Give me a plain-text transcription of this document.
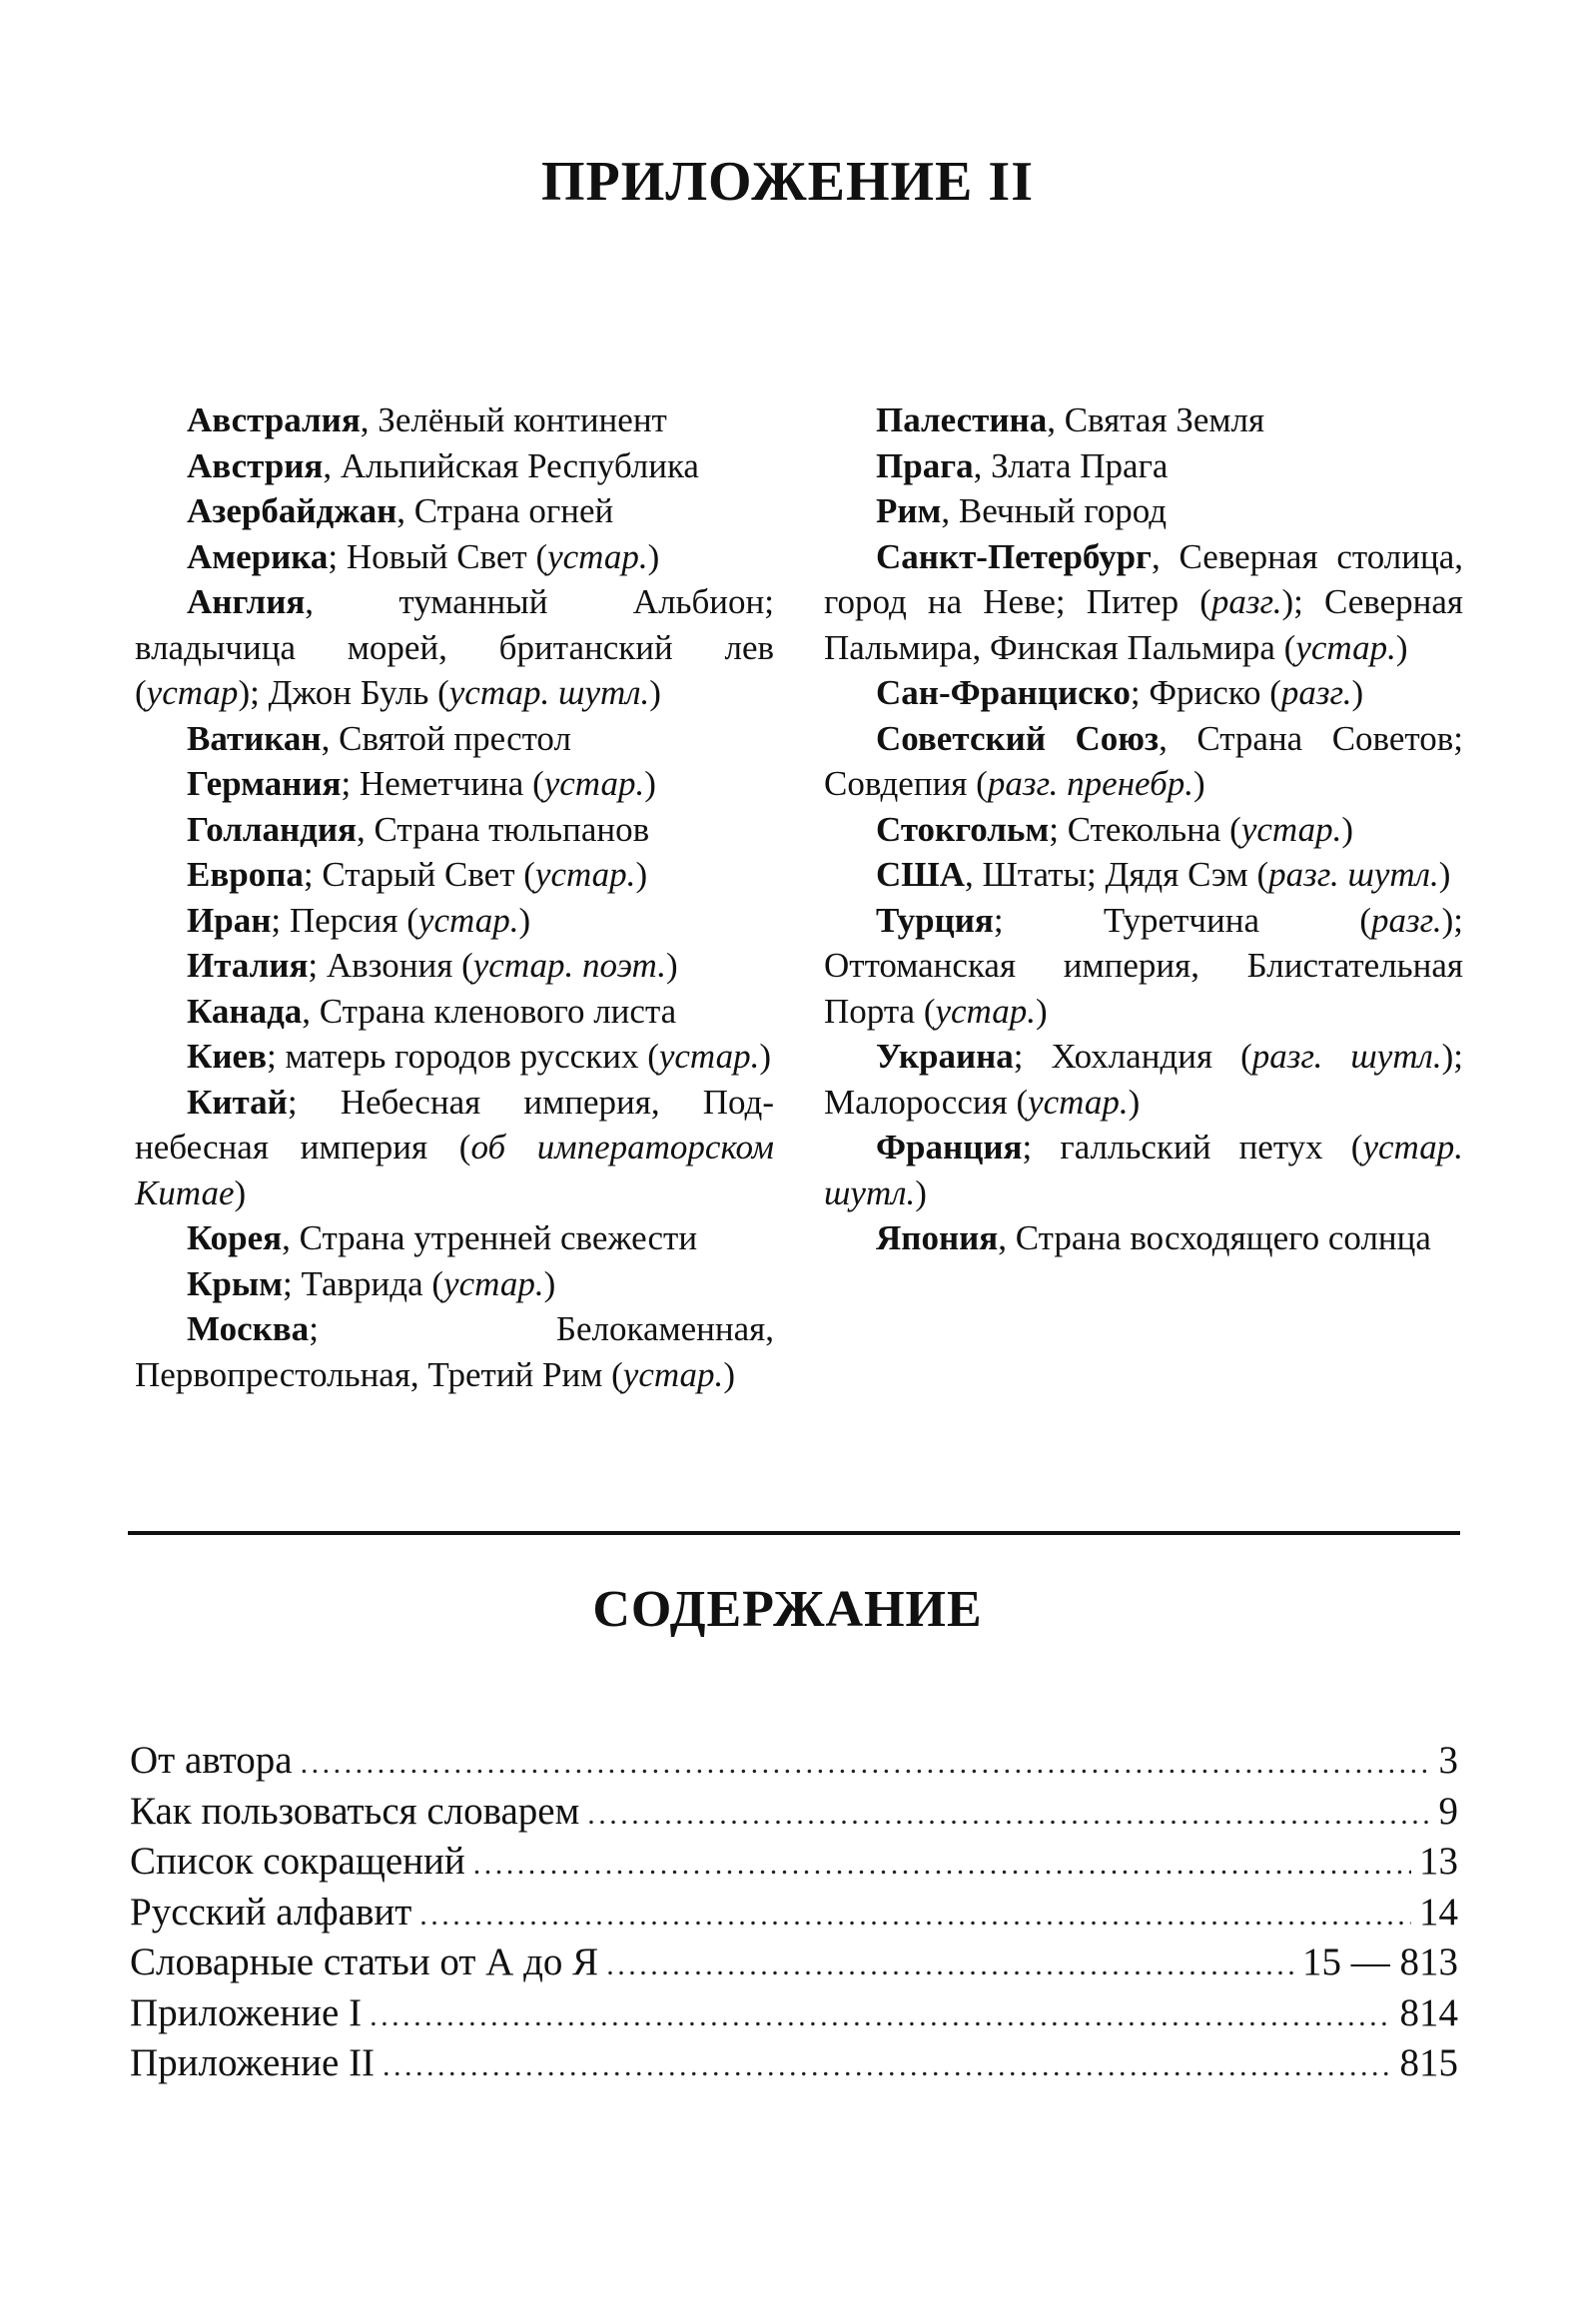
ПРИЛОЖЕНИЕ II

Австралия, Зелёный континент

Австрия, Альпийская Республика

Азербайджан, Страна огней

Америка; Новый Свет (устар.)

Англия, туманный Альбион; владычица морей, британский лев (устар); Джон Буль (устар. шутл.)

Ватикан, Святой престол

Германия; Неметчина (устар.)

Голландия, Страна тюльпанов

Европа; Старый Свет (устар.)

Иран; Персия (устар.)

Италия; Авзония (устар. поэт.)

Канада, Страна кленового листа

Киев; матерь городов русских (устар.)

Китай; Небесная империя, Поднебесная империя (об императорском Китае)

Корея, Страна утренней свежести

Крым; Таврида (устар.)

Москва; Белокаменная, Первопрестольная, Третий Рим (устар.)

Палестина, Святая Земля

Прага, Злата Прага

Рим, Вечный город

Санкт-Петербург, Северная столица, город на Неве; Питер (разг.); Северная Пальмира, Финская Пальмира (устар.)

Сан-Франциско; Фриско (разг.)

Советский Союз, Страна Советов; Совдепия (разг. пренебр.)

Стокгольм; Стекольна (устар.)

США, Штаты; Дядя Сэм (разг. шутл.)

Турция; Туретчина (разг.); Оттоманская империя, Блистательная Порта (устар.)

Украина; Хохландия (разг. шутл.); Малороссия (устар.)

Франция; галльский петух (устар. шутл.)

Япония, Страна восходящего солнца

СОДЕРЖАНИЕ
От автора . . .	3
Как пользоваться словарем . . .	9
Список сокращений . . .	13
Русский алфавит . . .	14
Словарные статьи от А до Я . . .	15 — 813
Приложение I . . .	814
Приложение II . . .	815
